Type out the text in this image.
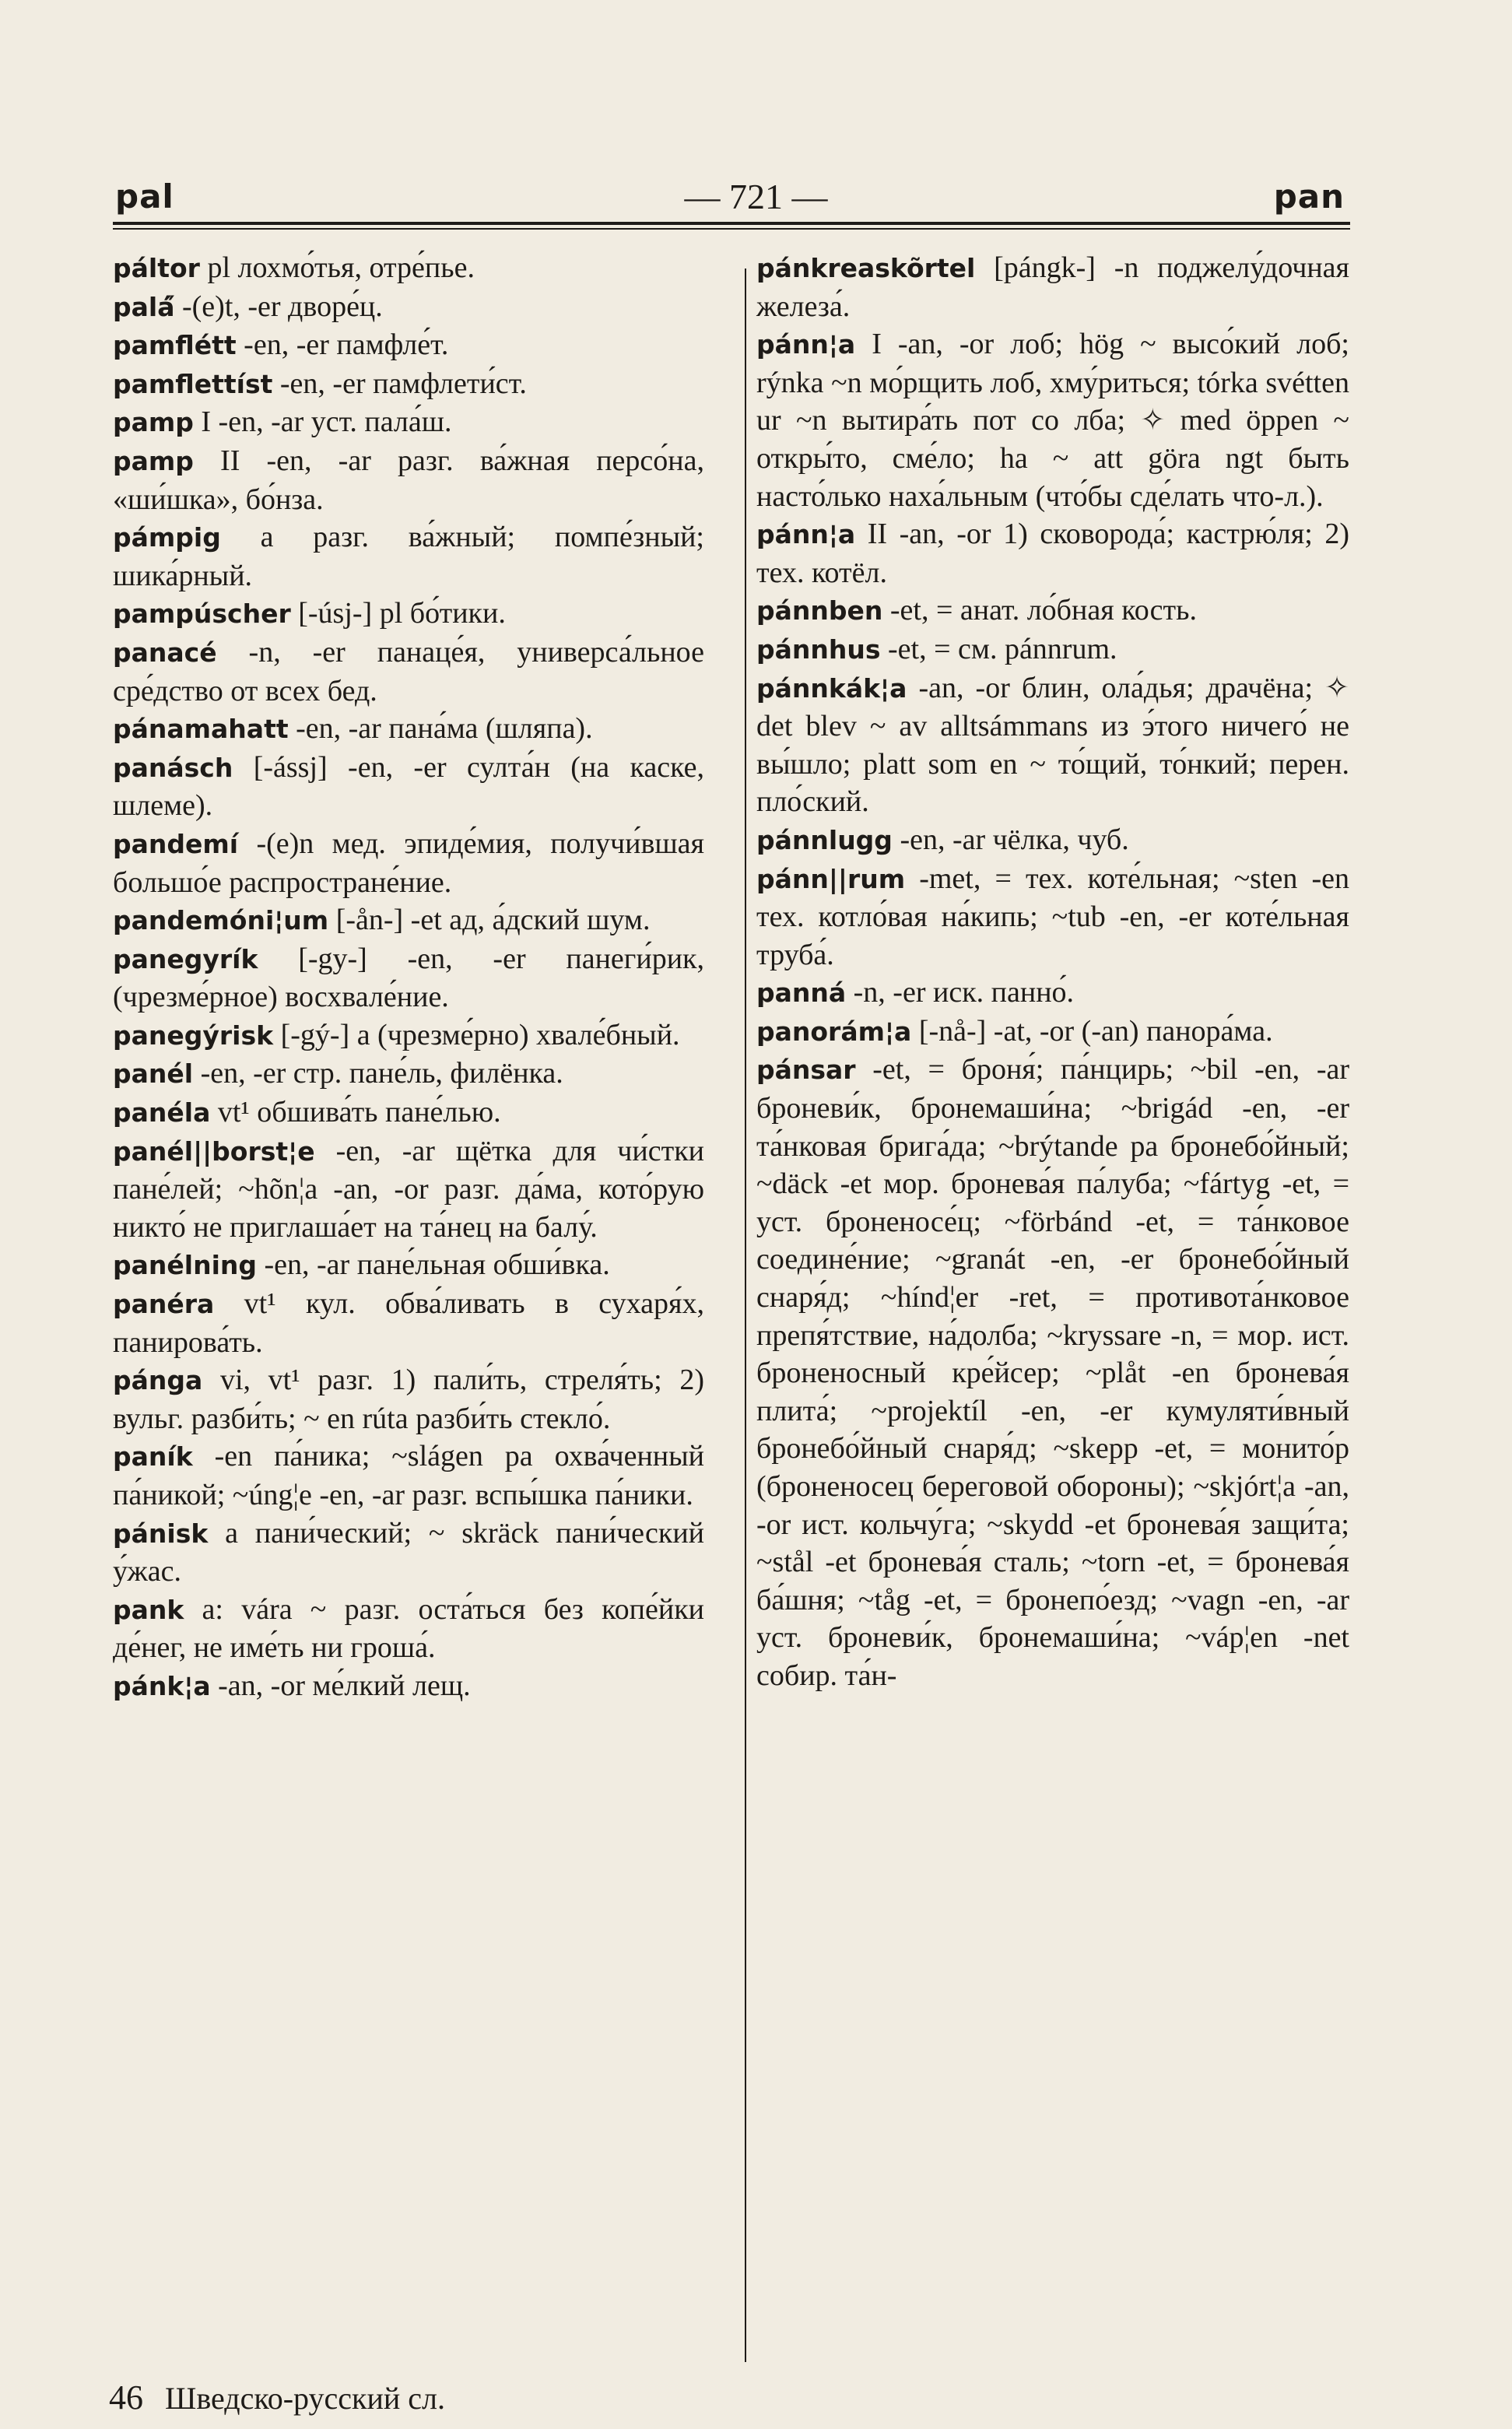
pal	— 721 —	pan

páltor pl лохмо́тья, отре́пье.

palá̋ -(e)t, -er дворе́ц.

pamflétt -en, -er памфле́т.

pamflettíst -en, -er памфлети́ст.

pamp I -en, -ar уст. пала́ш.

pamp II -en, -ar разг. ва́жная персо́на, «ши́шка», бо́нза.

pámpig a разг. ва́жный; помпе́зный; шика́рный.

pampúscher [-úsj-] pl бо́тики.

panacé -n, -er панаце́я, универса́льное сре́дство от всех бед.

pánamahatt -en, -ar пана́ма (шляпа).

panásch [-ássj] -en, -er султа́н (на каске, шлеме).

pandemí -(e)n мед. эпиде́мия, получи́вшая большо́е распростране́ние.

pandemóni¦um [-ån-] -et ад, а́дский шум.

panegyrík [-gy-] -en, -er панеги́рик, (чрезме́рное) восхвале́ние.

panegýrisk [-gý-] a (чрезме́рно) хвале́бный.

panél -en, -er стр. пане́ль, филёнка.

panéla vt¹ обшива́ть пане́лью.

panél||borst¦e -en, -ar щётка для чи́стки пане́лей; ~hõn¦a -an, -or разг. да́ма, кото́рую никто́ не приглаша́ет на та́нец на балу́.

panélning -en, -ar пане́льная обши́вка.

panéra vt¹ кул. обва́ливать в сухаря́х, панирова́ть.

pánga vi, vt¹ разг. 1) пали́ть, стреля́ть; 2) вульг. разби́ть; ~ en rúta разби́ть стекло́.

paník -en па́ника; ~slágen pa охва́ченный па́никой; ~úng¦e -en, -ar разг. вспы́шка па́ники.

pánisk a пани́ческий; ~ skräck пани́ческий у́жас.

pank a: vára ~ разг. оста́ться без копе́йки де́нег, не име́ть ни гроша́.

pánk¦a -an, -or ме́лкий лещ.

pánkreaskõrtel [pángk-] -n поджелу́дочная железа́.

pánn¦a I -an, -or лоб; hög ~ высо́кий лоб; rýnka ~n мо́рщить лоб, хму́риться; tórka svétten ur ~n вытира́ть пот со лба; ✧ med öppen ~ откры́то, сме́ло; ha ~ att göra ngt быть насто́лько наха́льным (что́бы сде́лать что-л.).

pánn¦a II -an, -or 1) сковорода́; кастрю́ля; 2) тех. котёл.

pánnben -et, = анат. ло́бная кость.

pánnhus -et, = см. pánnrum.

pánnkák¦a -an, -or блин, ола́дья; драчёна; ✧ det blev ~ av alltsámmans из э́того ничего́ не вы́шло; platt som en ~ то́щий, то́нкий; перен. пло́ский.

pánnlugg -en, -ar чёлка, чуб.

pánn||rum -met, = тех. коте́льная; ~sten -en тех. котло́вая на́кипь; ~tub -en, -er коте́льная труба́.

panná -n, -er иск. панно́.

panorám¦a [-nå-] -at, -or (-an) панора́ма.

pánsar -et, = броня́; па́нцирь; ~bil -en, -ar броневи́к, бронемаши́на; ~brigád -en, -er та́нковая брига́да; ~brýtande pa бронебо́йный; ~däck -et мор. бронева́я па́луба; ~fártyg -et, = уст. броненосе́ц; ~förbánd -et, = та́нковое соедине́ние; ~granát -en, -er бронебо́йный снаря́д; ~hínd¦er -ret, = противота́нковое препя́тствие, на́долба; ~kryssare -n, = мор. ист. броненосный кре́йсер; ~plåt -en бронева́я плита́; ~projektíl -en, -er кумуляти́вный бронебо́йный снаря́д; ~skepp -et, = монито́р (броненосец береговой обороны); ~skjórt¦a -an, -or ист. кольчу́га; ~skydd -et бронева́я защи́та; ~stål -et бронева́я сталь; ~torn -et, = бронева́я ба́шня; ~tåg -et, = бронепо́езд; ~vagn -en, -ar уст. броневи́к, бронемаши́на; ~váp¦en -net собир. та́н-

46 Шведско-русский сл.
